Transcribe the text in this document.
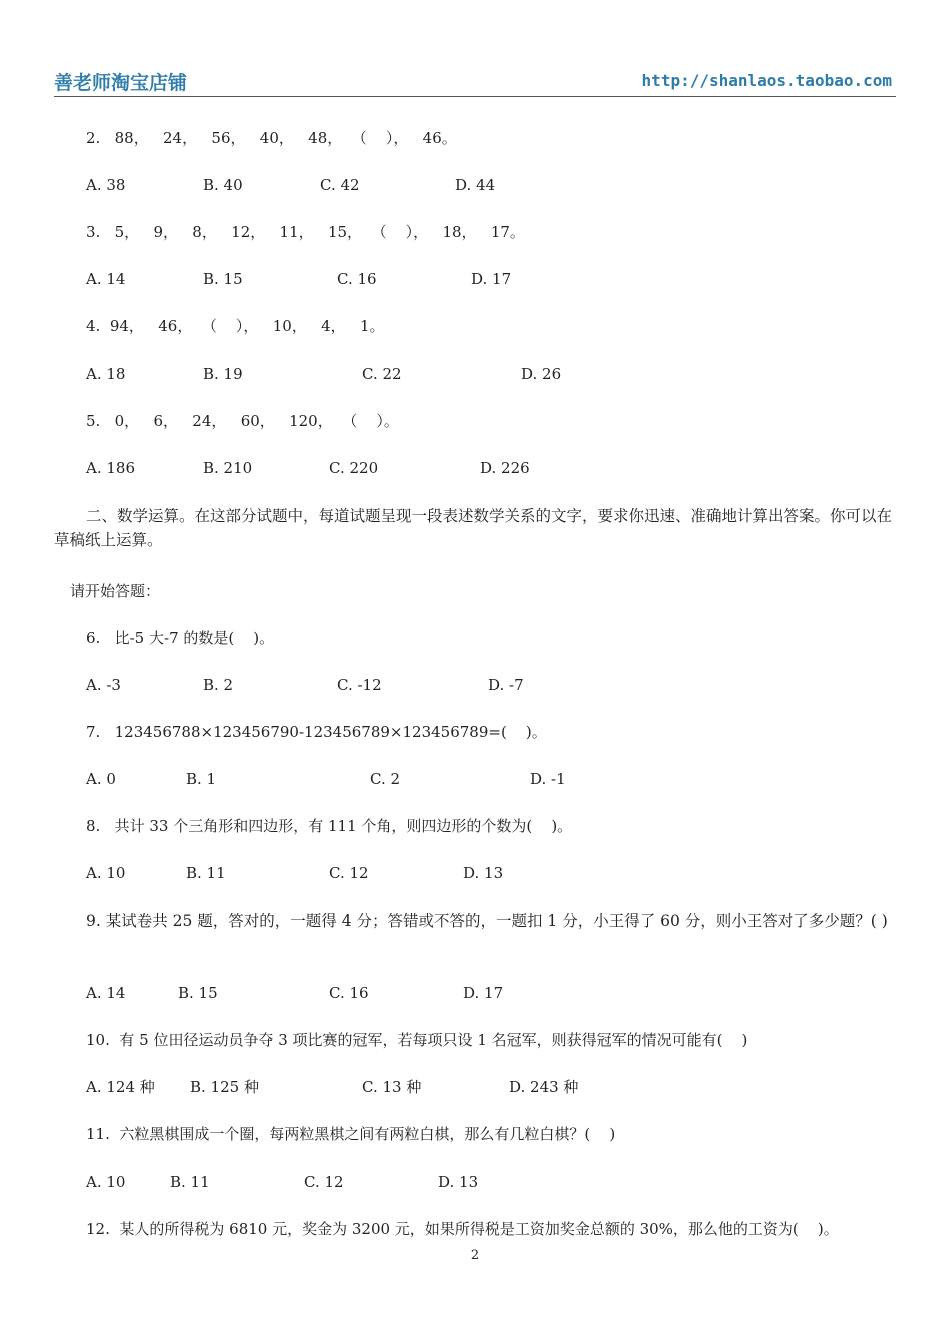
善老师淘宝店铺	http://shanlaos.taobao.com
2.   88，   24，   56，   40，   48，  （    ），   46。
A. 38	B. 40	C. 42	D. 44
3.   5，   9，   8，   12，   11，   15，  （    ），   18，   17。
A. 14	B. 15	C. 16	D. 17
4.  94，   46，  （    ），   10，   4，   1。
A. 18	B. 19	C. 22	D. 26
5.   0，   6，   24，   60，   120，  （    ）。
A. 186	B. 210	C. 220	D. 226
二、数学运算。在这部分试题中，每道试题呈现一段表述数学关系的文字，要求你迅速、准确地计算出答案。你可以在草稿纸上运算。
请开始答题：
6.   比-5 大-7 的数是(    )。
A. -3	B. 2	C. -12	D. -7
7.   123456788×123456790-123456789×123456789=(    )。
A. 0	B. 1	C. 2	D. -1
8.   共计 33 个三角形和四边形，有 111 个角，则四边形的个数为(    )。
A. 10	B. 11	C. 12	D. 13
9. 某试卷共 25 题，答对的，一题得 4 分；答错或不答的，一题扣 1 分，小王得了 60 分，则小王答对了多少题？( )
A. 14	B. 15	C. 16	D. 17
10.  有 5 位田径运动员争夺 3 项比赛的冠军，若每项只设 1 名冠军，则获得冠军的情况可能有(    )
A. 124 种 B. 125 种	C. 13 种	D. 243 种
11.  六粒黑棋围成一个圈，每两粒黑棋之间有两粒白棋，那么有几粒白棋？(    )
A. 10	B. 11	C. 12	D. 13
12.  某人的所得税为 6810 元，奖金为 3200 元，如果所得税是工资加奖金总额的 30%，那么他的工资为(    )。
2
